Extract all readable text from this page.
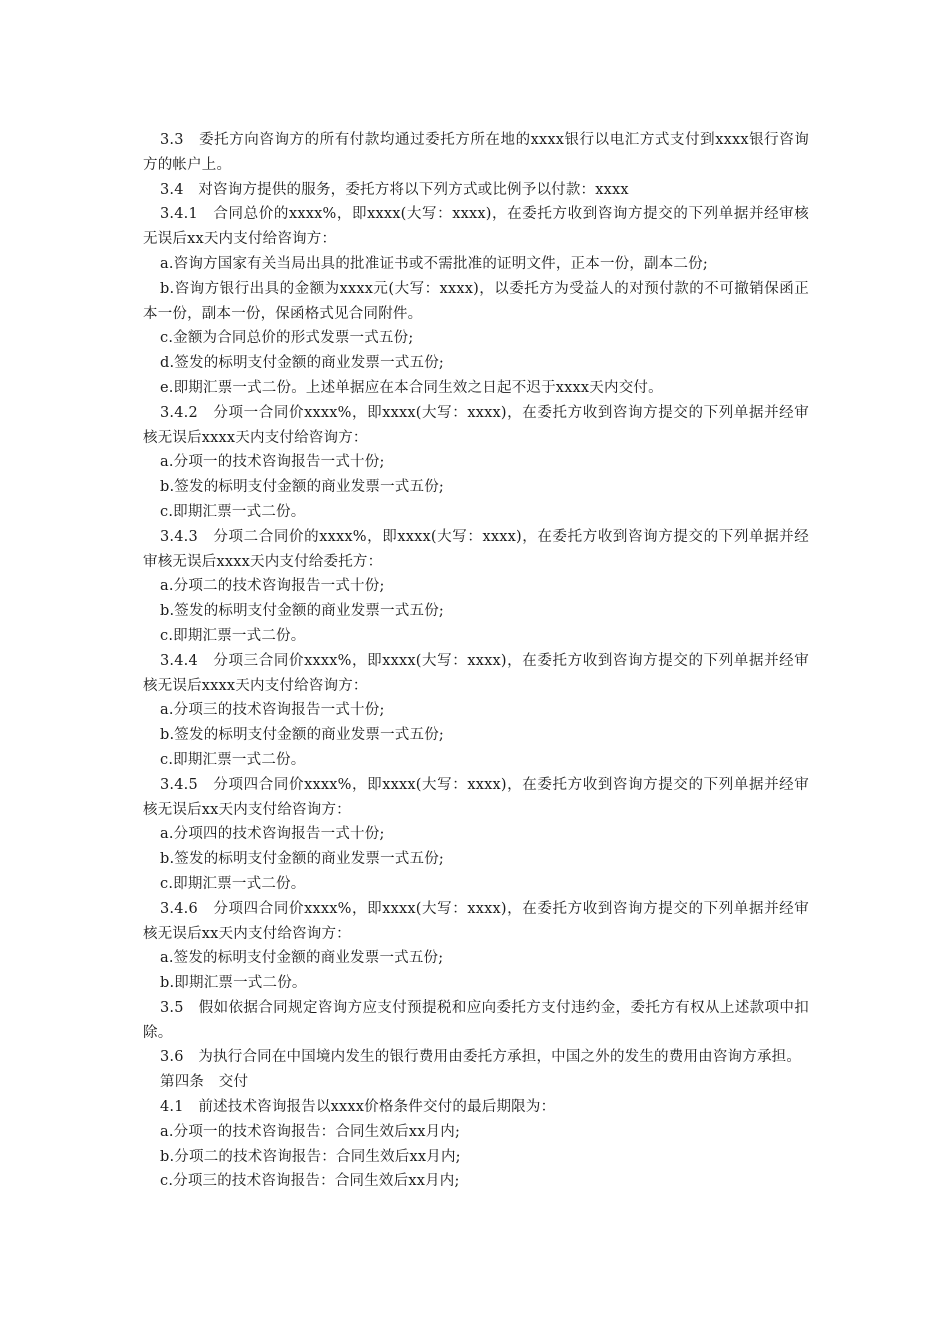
3.3　委托方向咨询方的所有付款均通过委托方所在地的xxxx银行以电汇方式支付到xxxx银行咨询方的帐户上。

3.4　对咨询方提供的服务，委托方将以下列方式或比例予以付款：xxxx

3.4.1　合同总价的xxxx%，即xxxx(大写：xxxx)，在委托方收到咨询方提交的下列单据并经审核无误后xx天内支付给咨询方：

a.咨询方国家有关当局出具的批准证书或不需批准的证明文件，正本一份，副本二份;

b.咨询方银行出具的金额为xxxx元(大写：xxxx)，以委托方为受益人的对预付款的不可撤销保函正本一份，副本一份，保函格式见合同附件。

c.金额为合同总价的形式发票一式五份;

d.签发的标明支付金额的商业发票一式五份;

e.即期汇票一式二份。上述单据应在本合同生效之日起不迟于xxxx天内交付。

3.4.2　分项一合同价xxxx%，即xxxx(大写：xxxx)，在委托方收到咨询方提交的下列单据并经审核无误后xxxx天内支付给咨询方：

a.分项一的技术咨询报告一式十份;

b.签发的标明支付金额的商业发票一式五份;

c.即期汇票一式二份。

3.4.3　分项二合同价的xxxx%，即xxxx(大写：xxxx)，在委托方收到咨询方提交的下列单据并经审核无误后xxxx天内支付给委托方：

a.分项二的技术咨询报告一式十份;

b.签发的标明支付金额的商业发票一式五份;

c.即期汇票一式二份。

3.4.4　分项三合同价xxxx%，即xxxx(大写：xxxx)，在委托方收到咨询方提交的下列单据并经审核无误后xxxx天内支付给咨询方：

a.分项三的技术咨询报告一式十份;

b.签发的标明支付金额的商业发票一式五份;

c.即期汇票一式二份。

3.4.5　分项四合同价xxxx%，即xxxx(大写：xxxx)，在委托方收到咨询方提交的下列单据并经审核无误后xx天内支付给咨询方：

a.分项四的技术咨询报告一式十份;

b.签发的标明支付金额的商业发票一式五份;

c.即期汇票一式二份。

3.4.6　分项四合同价xxxx%，即xxxx(大写：xxxx)，在委托方收到咨询方提交的下列单据并经审核无误后xx天内支付给咨询方：

a.签发的标明支付金额的商业发票一式五份;

b.即期汇票一式二份。

3.5　假如依据合同规定咨询方应支付预提税和应向委托方支付违约金，委托方有权从上述款项中扣除。

3.6　为执行合同在中国境内发生的银行费用由委托方承担，中国之外的发生的费用由咨询方承担。

第四条　交付

4.1　前述技术咨询报告以xxxx价格条件交付的最后期限为：

a.分项一的技术咨询报告：合同生效后xx月内;

b.分项二的技术咨询报告：合同生效后xx月内;

c.分项三的技术咨询报告：合同生效后xx月内;
